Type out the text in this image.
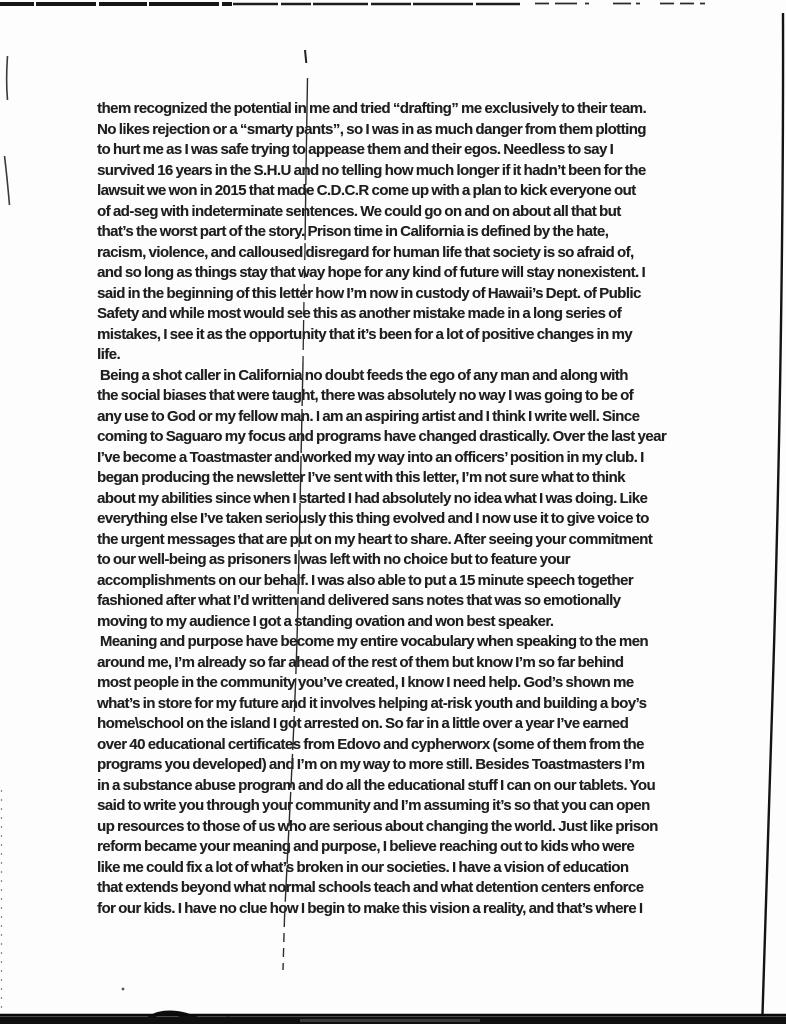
them recognized the potential in me and tried “drafting” me exclusively to their team.
No likes rejection or a “smarty pants”, so I was in as much danger from them plotting
to hurt me as I was safe trying to appease them and their egos. Needless to say I
survived 16 years in the S.H.U and no telling how much longer if it hadn’t been for the
lawsuit we won in 2015 that made C.D.C.R come up with a plan to kick everyone out
of ad-seg with indeterminate sentences. We could go on and on about all that but
that’s the worst part of the story. Prison time in California is defined by the hate,
racism, violence, and calloused disregard for human life that society is so afraid of,
and so long as things stay that way hope for any kind of future will stay nonexistent. I
said in the beginning of this letter how I’m now in custody of Hawaii’s Dept. of Public
Safety and while most would see this as another mistake made in a long series of
mistakes, I see it as the opportunity that it’s been for a lot of positive changes in my
life.
Being a shot caller in California no doubt feeds the ego of any man and along with
the social biases that were taught, there was absolutely no way I was going to be of
any use to God or my fellow man. I am an aspiring artist and I think I write well. Since
coming to Saguaro my focus and programs have changed drastically. Over the last year
I’ve become a Toastmaster and worked my way into an officers’ position in my club. I
began producing the newsletter I’ve sent with this letter, I’m not sure what to think
about my abilities since when I started I had absolutely no idea what I was doing. Like
everything else I’ve taken seriously this thing evolved and I now use it to give voice to
the urgent messages that are put on my heart to share. After seeing your commitment
to our well-being as prisoners I was left with no choice but to feature your
accomplishments on our behalf. I was also able to put a 15 minute speech together
fashioned after what I’d written and delivered sans notes that was so emotionally
moving to my audience I got a standing ovation and won best speaker.
Meaning and purpose have become my entire vocabulary when speaking to the men
around me, I’m already so far ahead of the rest of them but know I’m so far behind
most people in the community you’ve created, I know I need help. God’s shown me
what’s in store for my future and it involves helping at-risk youth and building a boy’s
home\school on the island I got arrested on. So far in a little over a year I’ve earned
over 40 educational certificates from Edovo and cypherworx (some of them from the
programs you developed) and I’m on my way to more still. Besides Toastmasters I’m
in a substance abuse program and do all the educational stuff I can on our tablets. You
said to write you through your community and I’m assuming it’s so that you can open
up resources to those of us who are serious about changing the world. Just like prison
reform became your meaning and purpose, I believe reaching out to kids who were
like me could fix a lot of what’s broken in our societies. I have a vision of education
that extends beyond what normal schools teach and what detention centers enforce
for our kids. I have no clue how I begin to make this vision a reality, and that’s where I
